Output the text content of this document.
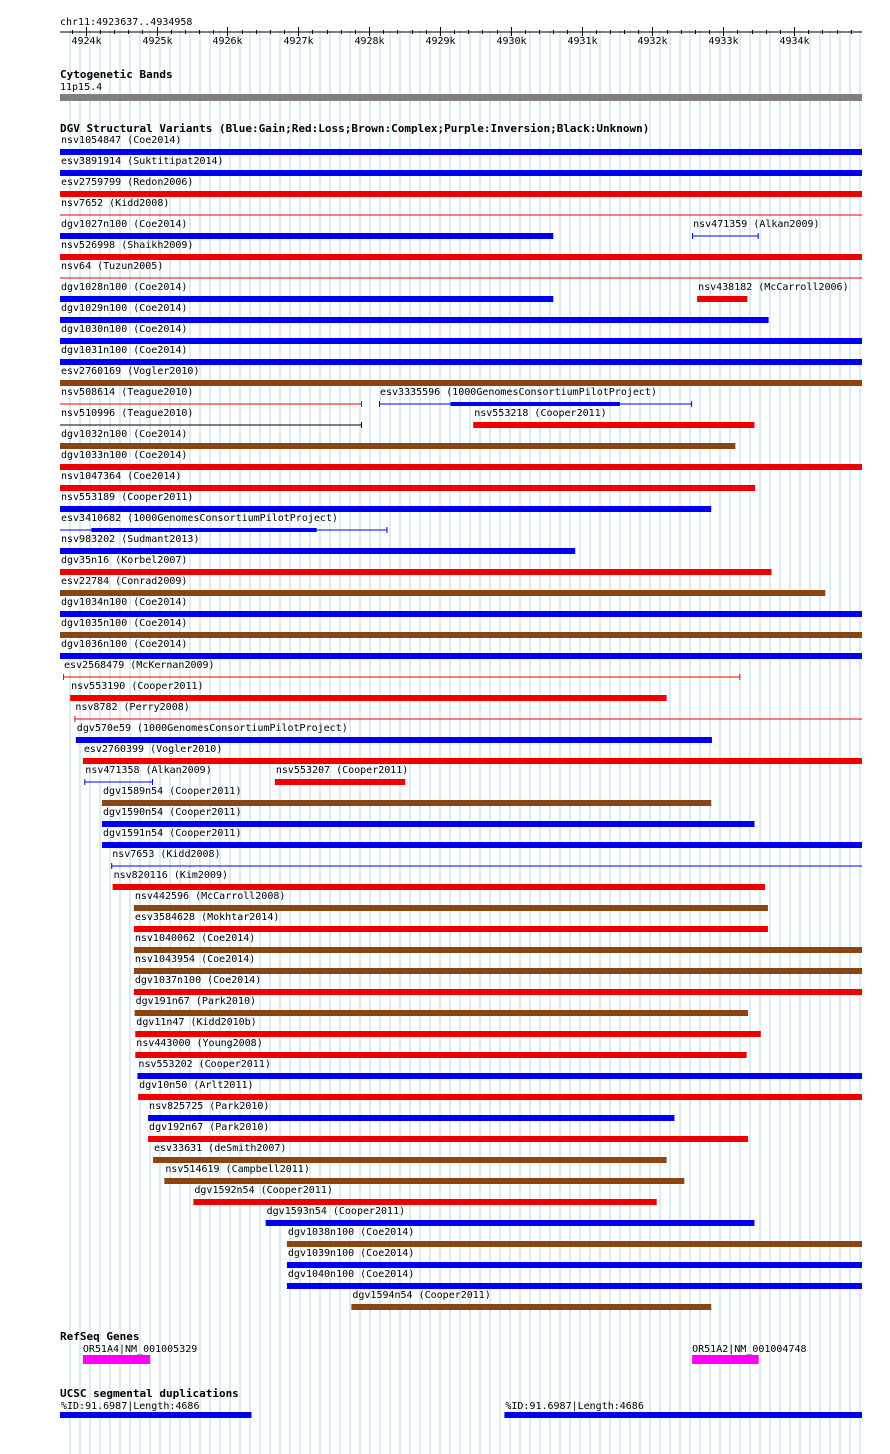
chr11:4923637..4934958
4924k	4925k	4926k	4927k	4928k	4929k	4930k	4931k	4932k	4933k	4934k
Cytogenetic Bands
11p15.4
DGV Structural Variants (Blue:Gain;Red:Loss;Brown:Complex;Purple:Inversion;Black:Unknown)
nsv1054847 (Coe2014)
esv3891914 (Suktitipat2014)
esv2759799 (Redon2006)
nsv7652 (Kidd2008)
dgv1027n100 (Coe2014)	nsv471359 (Alkan2009)
nsv526998 (Shaikh2009)
nsv64 (Tuzun2005)
dgv1028n100 (Coe2014)	nsv438182 (McCarroll2006)
dgv1029n100 (Coe2014)
dgv1030n100 (Coe2014)
dgv1031n100 (Coe2014)
esv2760169 (Vogler2010)
nsv508614 (Teague2010)	esv3335596 (1000GenomesConsortiumPilotProject)
nsv510996 (Teague2010)	nsv553218 (Cooper2011)
dgv1032n100 (Coe2014)
dgv1033n100 (Coe2014)
nsv1047364 (Coe2014)
nsv553189 (Cooper2011)
esv3410682 (1000GenomesConsortiumPilotProject)
nsv983202 (Sudmant2013)
dgv35n16 (Korbel2007)
esv22784 (Conrad2009)
dgv1034n100 (Coe2014)
dgv1035n100 (Coe2014)
dgv1036n100 (Coe2014)
esv2568479 (McKernan2009)
nsv553190 (Cooper2011)
nsv8782 (Perry2008)
dgv570e59 (1000GenomesConsortiumPilotProject)
esv2760399 (Vogler2010)
nsv471358 (Alkan2009)	nsv553207 (Cooper2011)
dgv1589n54 (Cooper2011)
dgv1590n54 (Cooper2011)
dgv1591n54 (Cooper2011)
nsv7653 (Kidd2008)
nsv820116 (Kim2009)
nsv442596 (McCarroll2008)
esv3584628 (Mokhtar2014)
nsv1040062 (Coe2014)
nsv1043954 (Coe2014)
dgv1037n100 (Coe2014)
dgv191n67 (Park2010)
dgv11n47 (Kidd2010b)
nsv443000 (Young2008)
nsv553202 (Cooper2011)
dgv10n50 (Arlt2011)
nsv825725 (Park2010)
dgv192n67 (Park2010)
esv33631 (deSmith2007)
nsv514619 (Campbell2011)
dgv1592n54 (Cooper2011)
dgv1593n54 (Cooper2011)
dgv1038n100 (Coe2014)
dgv1039n100 (Coe2014)
dgv1040n100 (Coe2014)
dgv1594n54 (Cooper2011)
RefSeq Genes
OR51A4|NM_001005329	OR51A2|NM_001004748
UCSC segmental duplications
%ID:91.6987|Length:4686	%ID:91.6987|Length:4686
